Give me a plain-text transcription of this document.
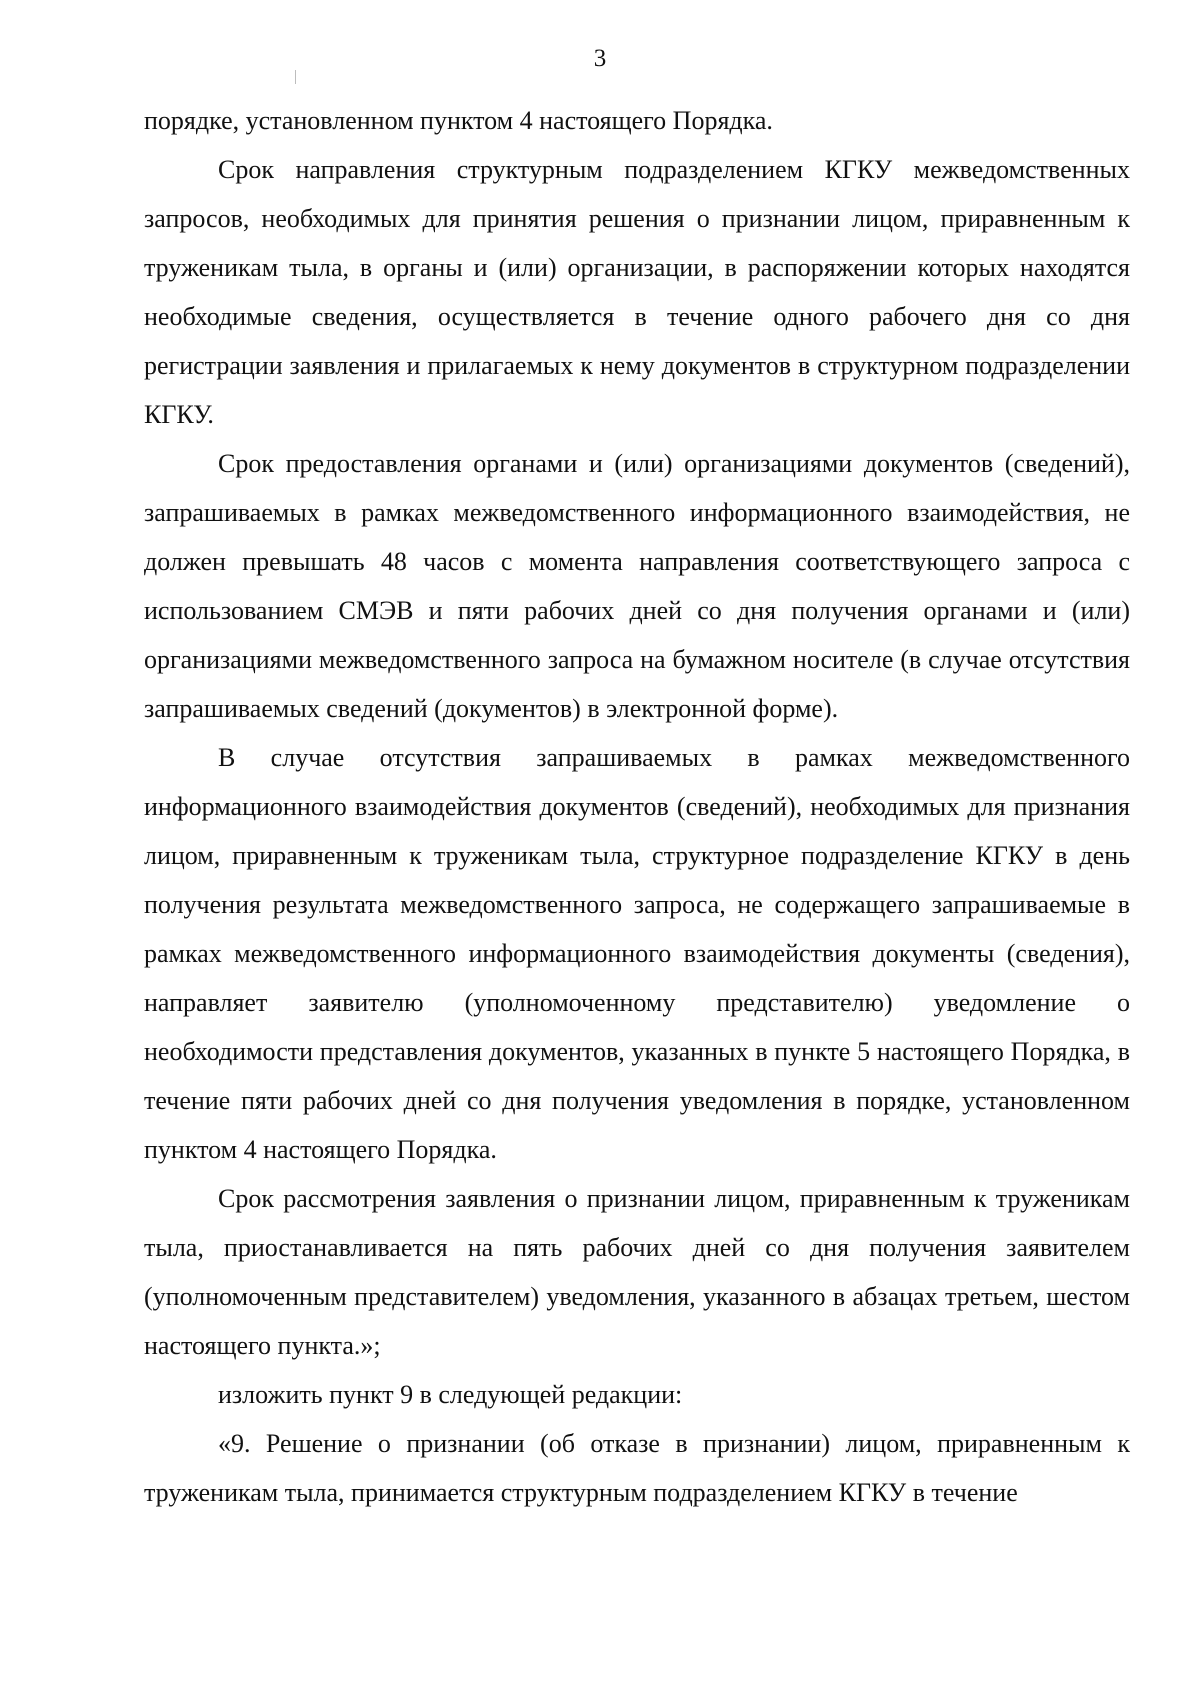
3

порядке, установленном пунктом 4 настоящего Порядка.

Срок направления структурным подразделением КГКУ межведомственных запросов, необходимых для принятия решения о признании лицом, приравненным к труженикам тыла, в органы и (или) организации, в распоряжении которых находятся необходимые сведения, осуществляется в течение одного рабочего дня со дня регистрации заявления и прилагаемых к нему документов в структурном подразделении КГКУ.

Срок предоставления органами и (или) организациями документов (сведений), запрашиваемых в рамках межведомственного информационного взаимодействия, не должен превышать 48 часов с момента направления соответствующего запроса с использованием СМЭВ и пяти рабочих дней со дня получения органами и (или) организациями межведомственного запроса на бумажном носителе (в случае отсутствия запрашиваемых сведений (документов) в электронной форме).

В случае отсутствия запрашиваемых в рамках межведомственного информационного взаимодействия документов (сведений), необходимых для признания лицом, приравненным к труженикам тыла, структурное подразделение КГКУ в день получения результата межведомственного запроса, не содержащего запрашиваемые в рамках межведомственного информационного взаимодействия документы (сведения), направляет заявителю (уполномоченному представителю) уведомление о необходимости представления документов, указанных в пункте 5 настоящего Порядка, в течение пяти рабочих дней со дня получения уведомления в порядке, установленном пунктом 4 настоящего Порядка.

Срок рассмотрения заявления о признании лицом, приравненным к труженикам тыла, приостанавливается на пять рабочих дней со дня получения заявителем (уполномоченным представителем) уведомления, указанного в абзацах третьем, шестом настоящего пункта.»;

изложить пункт 9 в следующей редакции:

«9. Решение о признании (об отказе в признании) лицом, приравненным к труженикам тыла, принимается структурным подразделением КГКУ в течение
